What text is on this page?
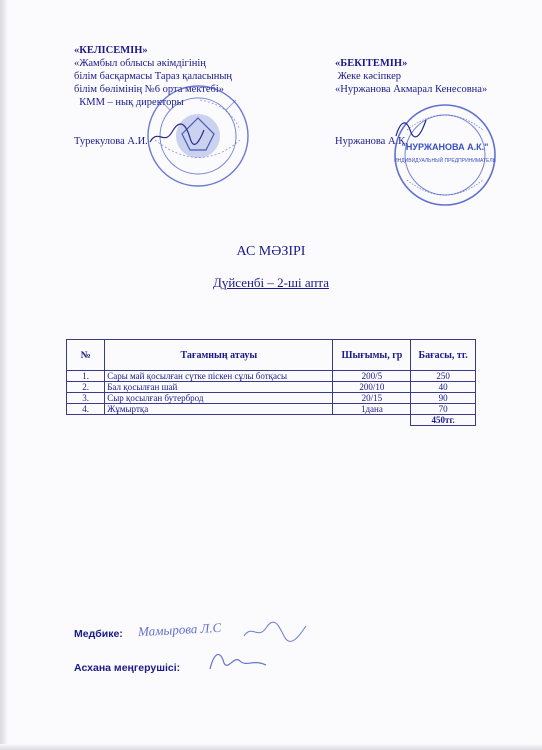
«КЕЛІСЕМІН»
«Жамбыл облысы әкімдігінің
білім басқармасы Тараз қаласының
білім бөлімінің №6 орта мектебі»
КММ – нық директоры
Турекулова А.И.
«БЕКІТЕМІН»
Жеке кәсіпкер
«Нуржанова Акмарал Кенесовна»
Нуржанова А.К.
"НУРЖАНОВА А.К."
ИНДИВИДУАЛЬНЫЙ ПРЕДПРИНИМАТЕЛЬ
АС МӘЗІРІ
Дүйсенбі – 2-ші апта
№	Тағамның атауы	Шығымы, гр	Бағасы, тг.
1.	Сары май қосылған сүтке піскен сұлы ботқасы	200/5	250
2.	Бал қосылған шай	200/10	40
3.	Сыр қосылған бутерброд	20/15	90
4.	Жұмыртқа	1дана	70
			450тг.
Медбике: Мамырова Л.С
Асхана меңгерушісі:
